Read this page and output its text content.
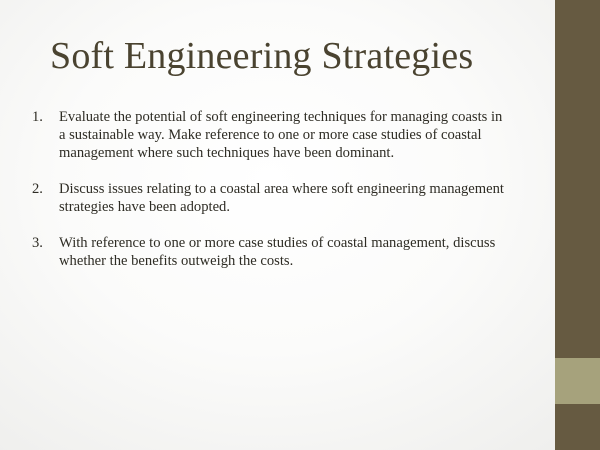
Soft Engineering Strategies
1. Evaluate the potential of soft engineering techniques for managing coasts in a sustainable way. Make reference to one or more case studies of coastal management where such techniques have been dominant.
2. Discuss issues relating to a coastal area where soft engineering management strategies have been adopted.
3. With reference to one or more case studies of coastal management, discuss whether the benefits outweigh the costs.
